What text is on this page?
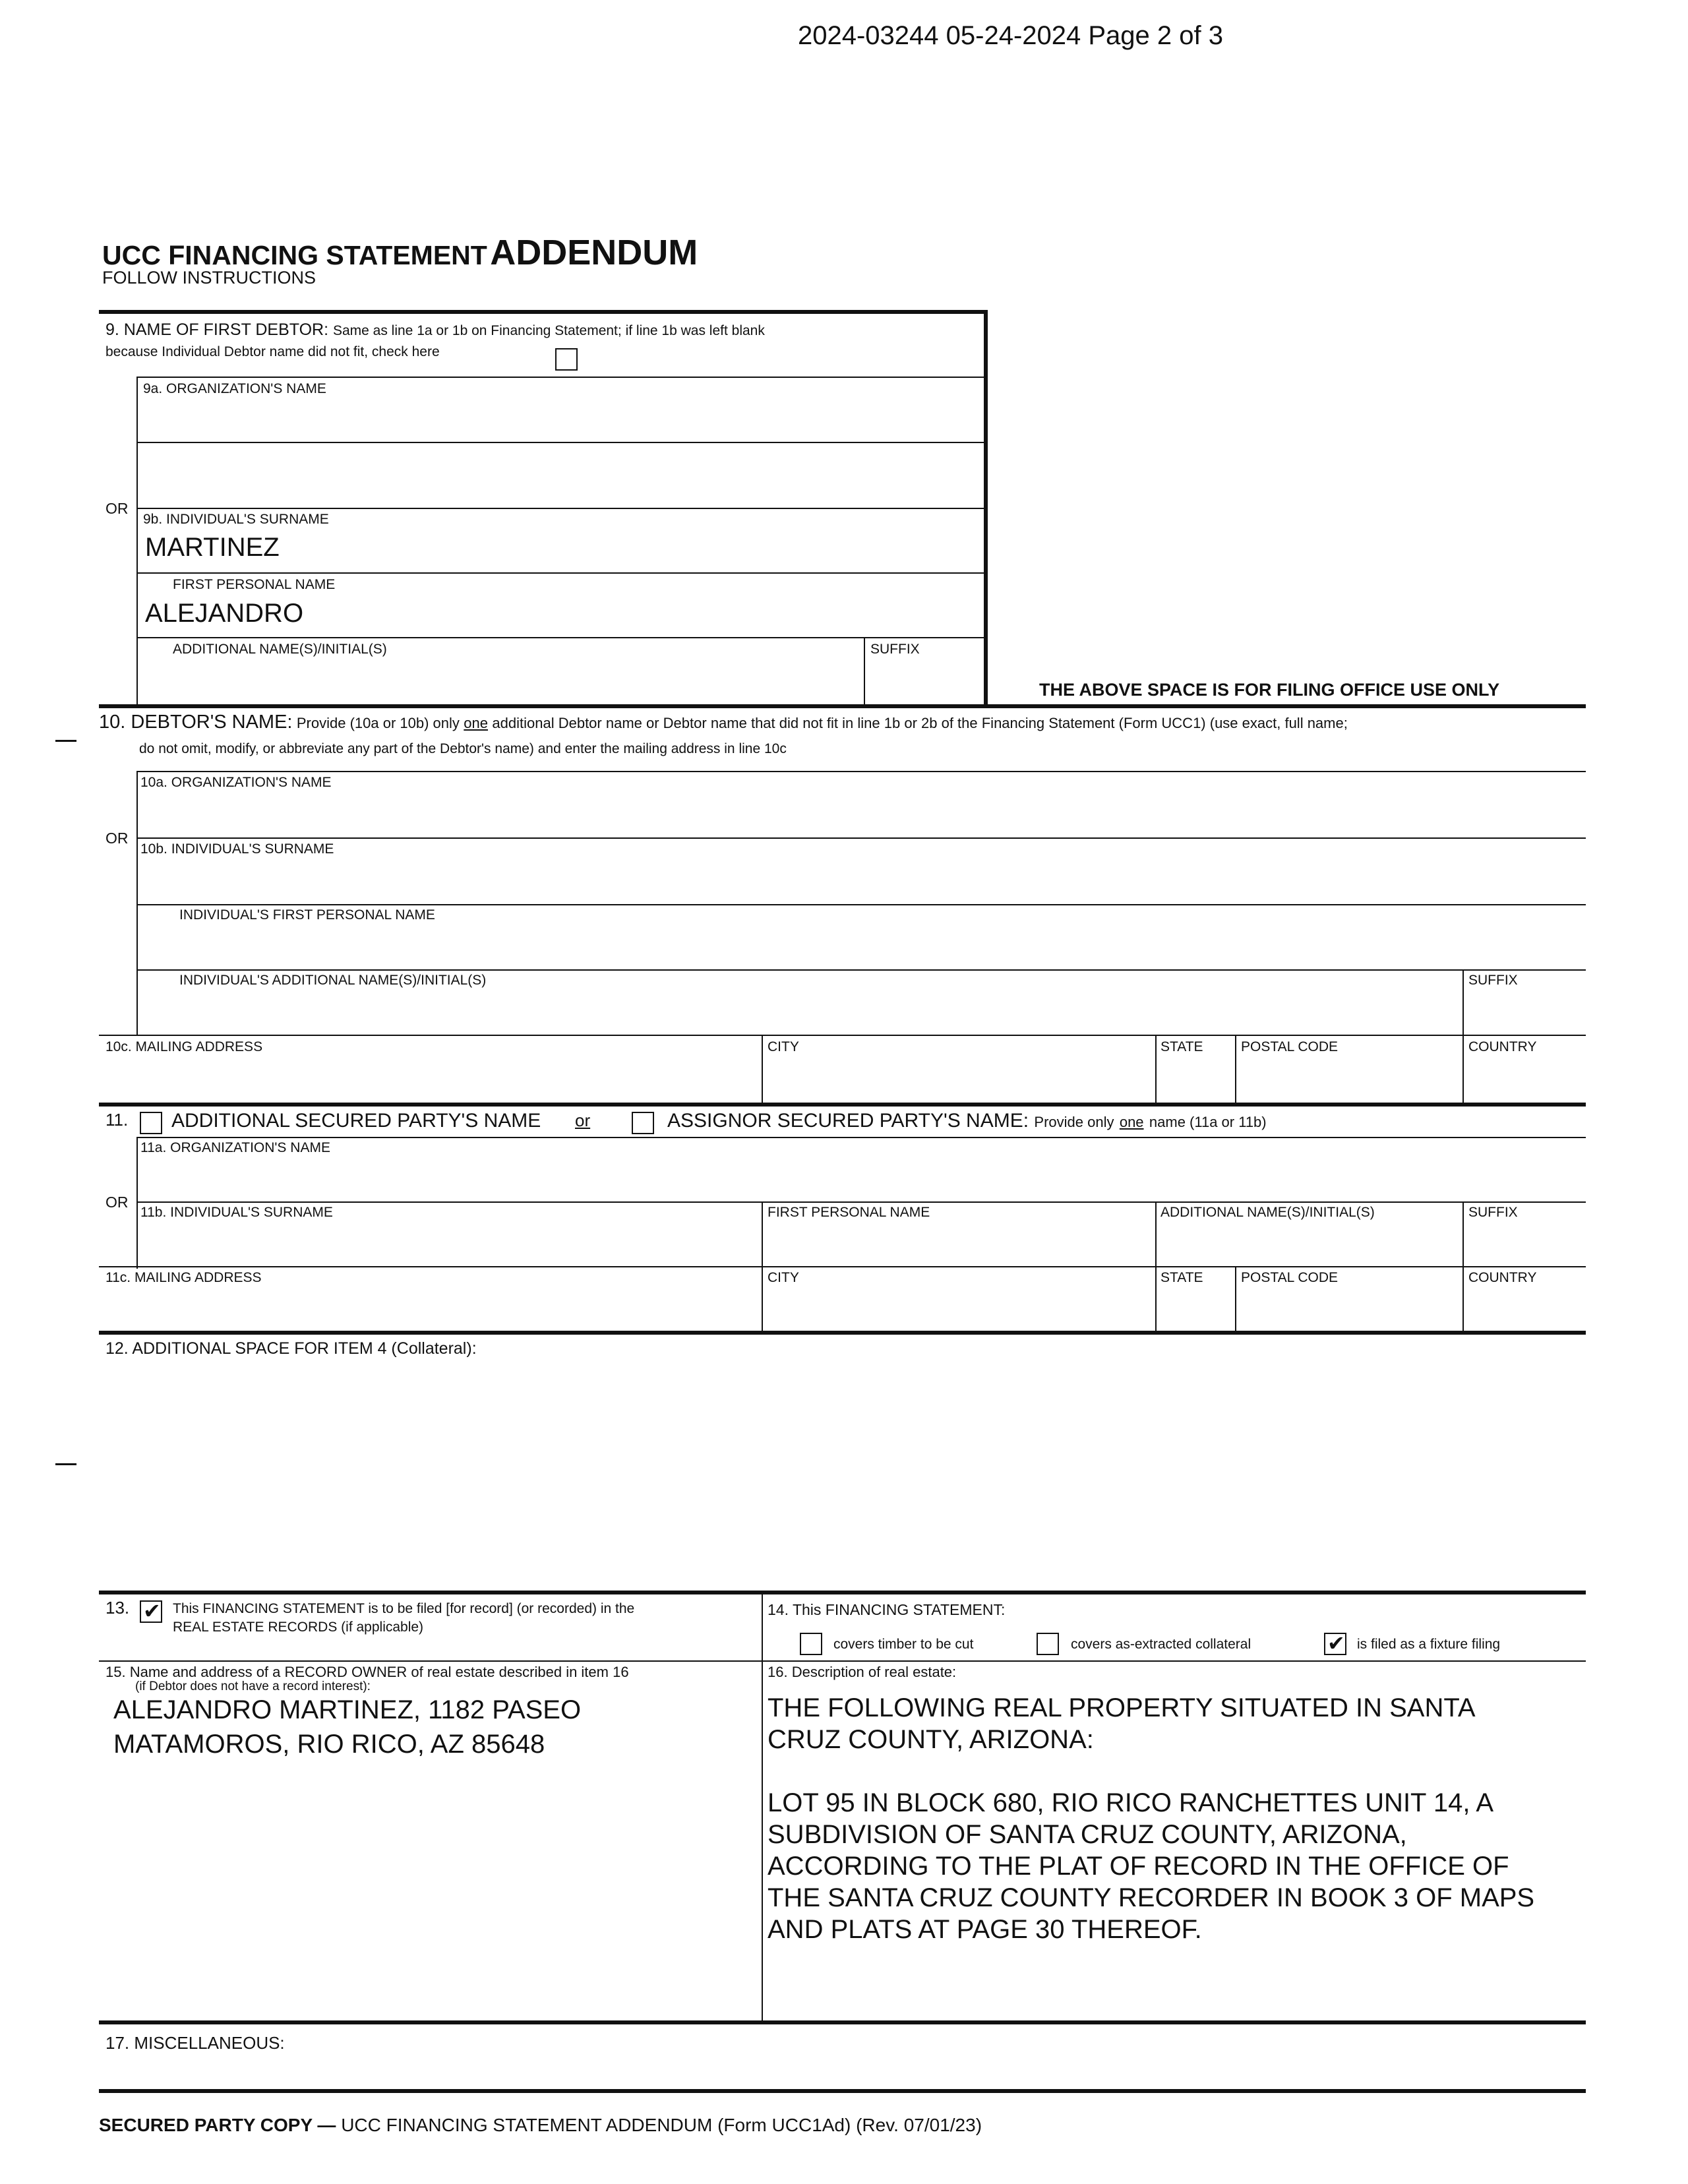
2024-03244 05-24-2024 Page 2 of 3
UCC FINANCING STATEMENT ADDENDUM
FOLLOW INSTRUCTIONS
9. NAME OF FIRST DEBTOR: Same as line 1a or 1b on Financing Statement; if line 1b was left blank
because Individual Debtor name did not fit, check here
9a. ORGANIZATION'S NAME
OR
9b. INDIVIDUAL'S SURNAME
MARTINEZ
FIRST PERSONAL NAME
ALEJANDRO
ADDITIONAL NAME(S)/INITIAL(S)	SUFFIX
THE ABOVE SPACE IS FOR FILING OFFICE USE ONLY
10. DEBTOR'S NAME: Provide (10a or 10b) only one additional Debtor name or Debtor name that did not fit in line 1b or 2b of the Financing Statement (Form UCC1) (use exact, full name;
do not omit, modify, or abbreviate any part of the Debtor's name) and enter the mailing address in line 10c
10a. ORGANIZATION'S NAME
OR
10b. INDIVIDUAL'S SURNAME
INDIVIDUAL'S FIRST PERSONAL NAME
INDIVIDUAL'S ADDITIONAL NAME(S)/INITIAL(S)	SUFFIX
10c. MAILING ADDRESS	CITY	STATE	POSTAL CODE	COUNTRY
11. ADDITIONAL SECURED PARTY'S NAME or	ASSIGNOR SECURED PARTY'S NAME: Provide only one name (11a or 11b)
11a. ORGANIZATION'S NAME
OR
11b. INDIVIDUAL'S SURNAME	FIRST PERSONAL NAME	ADDITIONAL NAME(S)/INITIAL(S)	SUFFIX
11c. MAILING ADDRESS	CITY	STATE	POSTAL CODE	COUNTRY
12. ADDITIONAL SPACE FOR ITEM 4 (Collateral):
13. ✔	This FINANCING STATEMENT is to be filed [for record] (or recorded) in the
REAL ESTATE RECORDS (if applicable)
14. This FINANCING STATEMENT:
covers timber to be cut	covers as-extracted collateral ✔	is filed as a fixture filing
15. Name and address of a RECORD OWNER of real estate described in item 16
(if Debtor does not have a record interest):
ALEJANDRO MARTINEZ, 1182 PASEO
MATAMOROS, RIO RICO, AZ 85648
16. Description of real estate:
THE FOLLOWING REAL PROPERTY SITUATED IN SANTA
CRUZ COUNTY, ARIZONA:
LOT 95 IN BLOCK 680, RIO RICO RANCHETTES UNIT 14, A
SUBDIVISION OF SANTA CRUZ COUNTY, ARIZONA,
ACCORDING TO THE PLAT OF RECORD IN THE OFFICE OF
THE SANTA CRUZ COUNTY RECORDER IN BOOK 3 OF MAPS
AND PLATS AT PAGE 30 THEREOF.
17. MISCELLANEOUS:
SECURED PARTY COPY — UCC FINANCING STATEMENT ADDENDUM (Form UCC1Ad) (Rev. 07/01/23)
